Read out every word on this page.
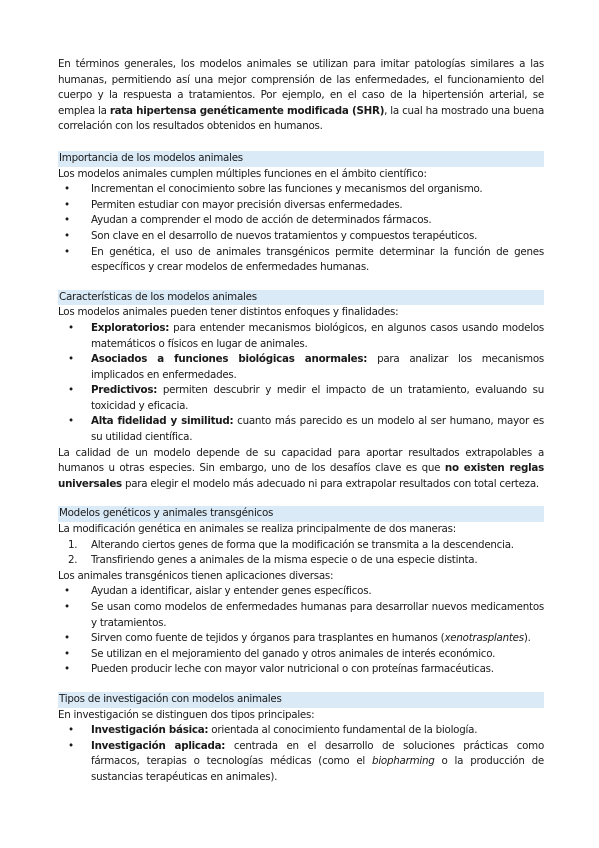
En términos generales, los modelos animales se utilizan para imitar patologías similares a las humanas, permitiendo así una mejor comprensión de las enfermedades, el funcionamiento del cuerpo y la respuesta a tratamientos. Por ejemplo, en el caso de la hipertensión arterial, se emplea la rata hipertensa genéticamente modificada (SHR), la cual ha mostrado una buena correlación con los resultados obtenidos en humanos.

Importancia de los modelos animales

Los modelos animales cumplen múltiples funciones en el ámbito científico:

•	Incrementan el conocimiento sobre las funciones y mecanismos del organismo.
•	Permiten estudiar con mayor precisión diversas enfermedades.
•	Ayudan a comprender el modo de acción de determinados fármacos.
•	Son clave en el desarrollo de nuevos tratamientos y compuestos terapéuticos.
•	En genética, el uso de animales transgénicos permite determinar la función de genes específicos y crear modelos de enfermedades humanas.

Características de los modelos animales

Los modelos animales pueden tener distintos enfoques y finalidades:

• Exploratorios: para entender mecanismos biológicos, en algunos casos usando modelos matemáticos o físicos en lugar de animales.
• Asociados a funciones biológicas anormales: para analizar los mecanismos implicados en enfermedades.
• Predictivos: permiten descubrir y medir el impacto de un tratamiento, evaluando su toxicidad y eficacia.
• Alta fidelidad y similitud: cuanto más parecido es un modelo al ser humano, mayor es su utilidad científica.

La calidad de un modelo depende de su capacidad para aportar resultados extrapolables a humanos u otras especies. Sin embargo, uno de los desafíos clave es que no existen reglas universales para elegir el modelo más adecuado ni para extrapolar resultados con total certeza.

Modelos genéticos y animales transgénicos

La modificación genética en animales se realiza principalmente de dos maneras:

1. Alterando ciertos genes de forma que la modificación se transmita a la descendencia.
2. Transfiriendo genes a animales de la misma especie o de una especie distinta.

Los animales transgénicos tienen aplicaciones diversas:

•	Ayudan a identificar, aislar y entender genes específicos.
•	Se usan como modelos de enfermedades humanas para desarrollar nuevos medicamentos y tratamientos.
•	Sirven como fuente de tejidos y órganos para trasplantes en humanos (xenotrasplantes).
•	Se utilizan en el mejoramiento del ganado y otros animales de interés económico.
•	Pueden producir leche con mayor valor nutricional o con proteínas farmacéuticas.

Tipos de investigación con modelos animales

En investigación se distinguen dos tipos principales:

• Investigación básica: orientada al conocimiento fundamental de la biología.
• Investigación aplicada: centrada en el desarrollo de soluciones prácticas como fármacos, terapias o tecnologías médicas (como el biopharming o la producción de sustancias terapéuticas en animales).
